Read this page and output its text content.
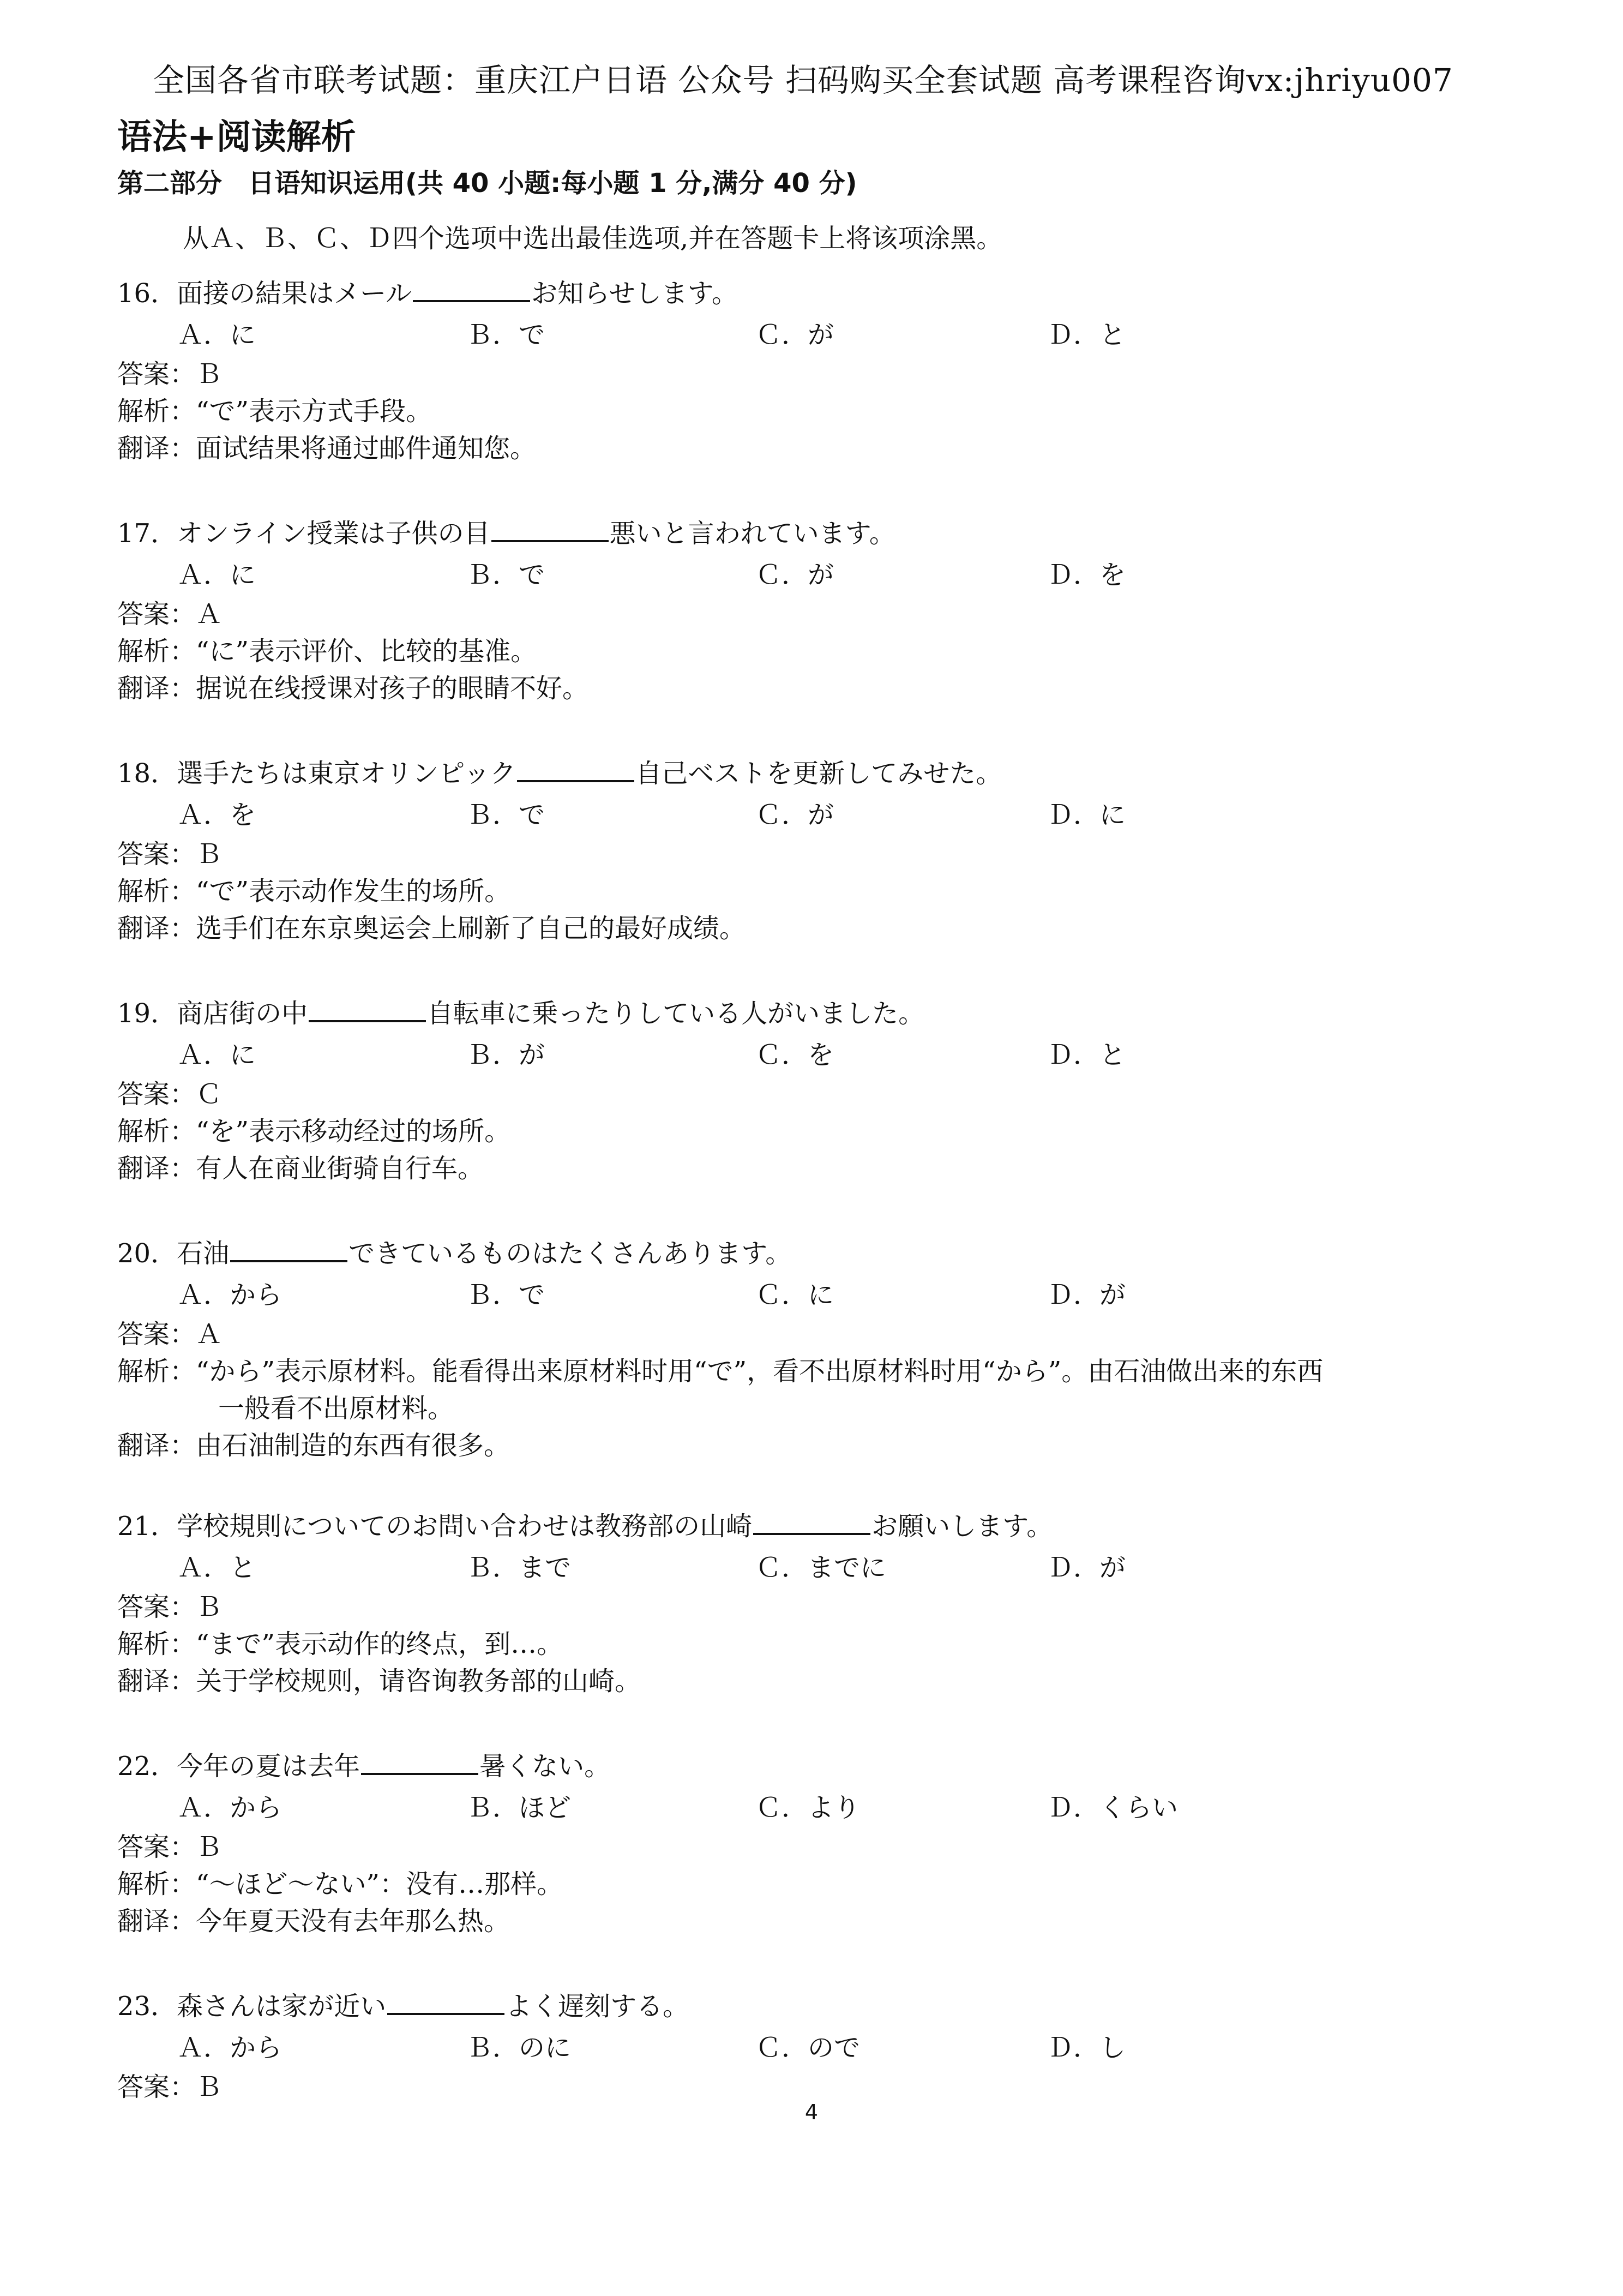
全国各省市联考试题：重庆江户日语 公众号 扫码购买全套试题 高考课程咨询vx:jhriyu007
语法+阅读解析
第二部分　日语知识运用(共 40 小题:每小题 1 分,满分 40 分)
从Ａ、Ｂ、Ｃ、Ｄ四个选项中选出最佳选项,并在答题卡上将该项涂黑。
16．面接の結果はメール	お知らせします。
Ａ．に	Ｂ．で	Ｃ．が	Ｄ．と
答案：Ｂ
解析：“で”表示方式手段。
翻译：面试结果将通过邮件通知您。
17．オンライン授業は子供の目	悪いと言われています。
Ａ．に	Ｂ．で	Ｃ．が	Ｄ．を
答案：Ａ
解析：“に”表示评价、比较的基准。
翻译：据说在线授课对孩子的眼睛不好。
18．選手たちは東京オリンピック	自己ベストを更新してみせた。
Ａ．を	Ｂ．で	Ｃ．が	Ｄ．に
答案：Ｂ
解析：“で”表示动作发生的场所。
翻译：选手们在东京奥运会上刷新了自己的最好成绩。
19．商店街の中	自転車に乗ったりしている人がいました。
Ａ．に	Ｂ．が	Ｃ．を	Ｄ．と
答案：Ｃ
解析：“を”表示移动经过的场所。
翻译：有人在商业街骑自行车。
20．石油	できているものはたくさんあります。
Ａ．から	Ｂ．で	Ｃ．に	Ｄ．が
答案：Ａ
解析：“から”表示原材料。能看得出来原材料时用“で”，看不出原材料时用“から”。由石油做出来的东西
一般看不出原材料。
翻译：由石油制造的东西有很多。
21．学校規則についてのお問い合わせは教務部の山崎	お願いします。
Ａ．と	Ｂ．まで	Ｃ．までに	Ｄ．が
答案：Ｂ
解析：“まで”表示动作的终点，到…。
翻译：关于学校规则，请咨询教务部的山崎。
22．今年の夏は去年	暑くない。
Ａ．から	Ｂ．ほど	Ｃ．より	Ｄ．くらい
答案：Ｂ
解析：“～ほど～ない”：没有…那样。
翻译：今年夏天没有去年那么热。
23．森さんは家が近い	よく遅刻する。
Ａ．から	Ｂ．のに	Ｃ．ので	Ｄ．し
答案：Ｂ
4
